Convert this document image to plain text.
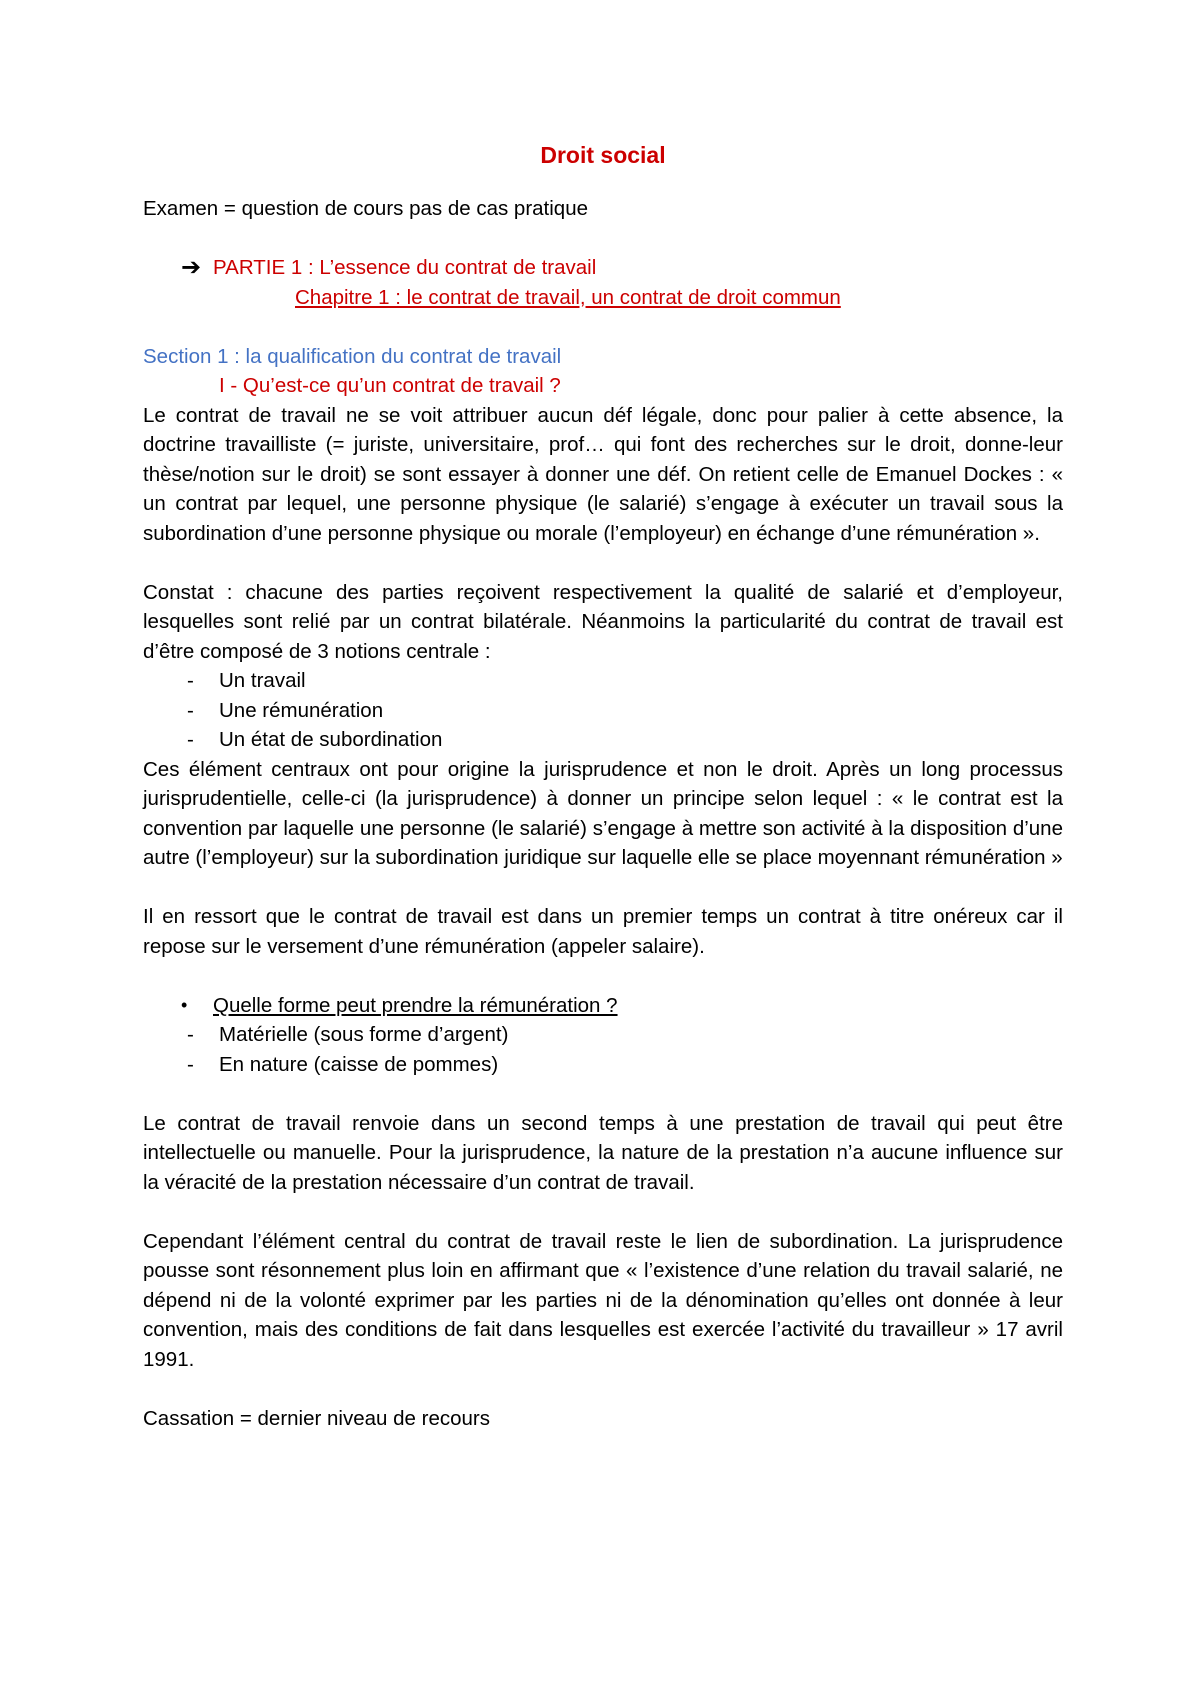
Droit social

Examen = question de cours pas de cas pratique

➔ PARTIE 1 : L’essence du contrat de travail

Chapitre 1 : le contrat de travail, un contrat de droit commun

Section 1 : la qualification du contrat de travail

I - Qu’est-ce qu’un contrat de travail ?

Le contrat de travail ne se voit attribuer aucun déf légale, donc pour palier à cette absence, la doctrine travailliste (= juriste, universitaire, prof… qui font des recherches sur le droit, donne-leur thèse/notion sur le droit) se sont essayer à donner une déf. On retient celle de Emanuel Dockes : « un contrat par lequel, une personne physique (le salarié) s’engage à exécuter un travail sous la subordination d’une personne physique ou morale (l’employeur) en échange d’une rémunération ».

Constat : chacune des parties reçoivent respectivement la qualité de salarié et d’employeur, lesquelles sont relié par un contrat bilatérale. Néanmoins la particularité du contrat de travail est d’être composé de 3 notions centrale :

-	Un travail
-	Une rémunération
-	Un état de subordination

Ces élément centraux ont pour origine la jurisprudence et non le droit. Après un long processus jurisprudentielle, celle-ci (la jurisprudence) à donner un principe selon lequel : « le contrat est la convention par laquelle une personne (le salarié) s’engage à mettre son activité à la disposition d’une autre (l’employeur) sur la subordination juridique sur laquelle elle se place moyennant rémunération »

Il en ressort que le contrat de travail est dans un premier temps un contrat à titre onéreux car il repose sur le versement d’une rémunération (appeler salaire).

•	Quelle forme peut prendre la rémunération ?
-	Matérielle (sous forme d’argent)
-	En nature (caisse de pommes)

Le contrat de travail renvoie dans un second temps à une prestation de travail qui peut être intellectuelle ou manuelle. Pour la jurisprudence, la nature de la prestation n’a aucune influence sur la véracité de la prestation nécessaire d’un contrat de travail.

Cependant l’élément central du contrat de travail reste le lien de subordination. La jurisprudence pousse sont résonnement plus loin en affirmant que « l’existence d’une relation du travail salarié, ne dépend ni de la volonté exprimer par les parties ni de la dénomination qu’elles ont donnée à leur convention, mais des conditions de fait dans lesquelles est exercée l’activité du travailleur » 17 avril 1991.

Cassation = dernier niveau de recours
